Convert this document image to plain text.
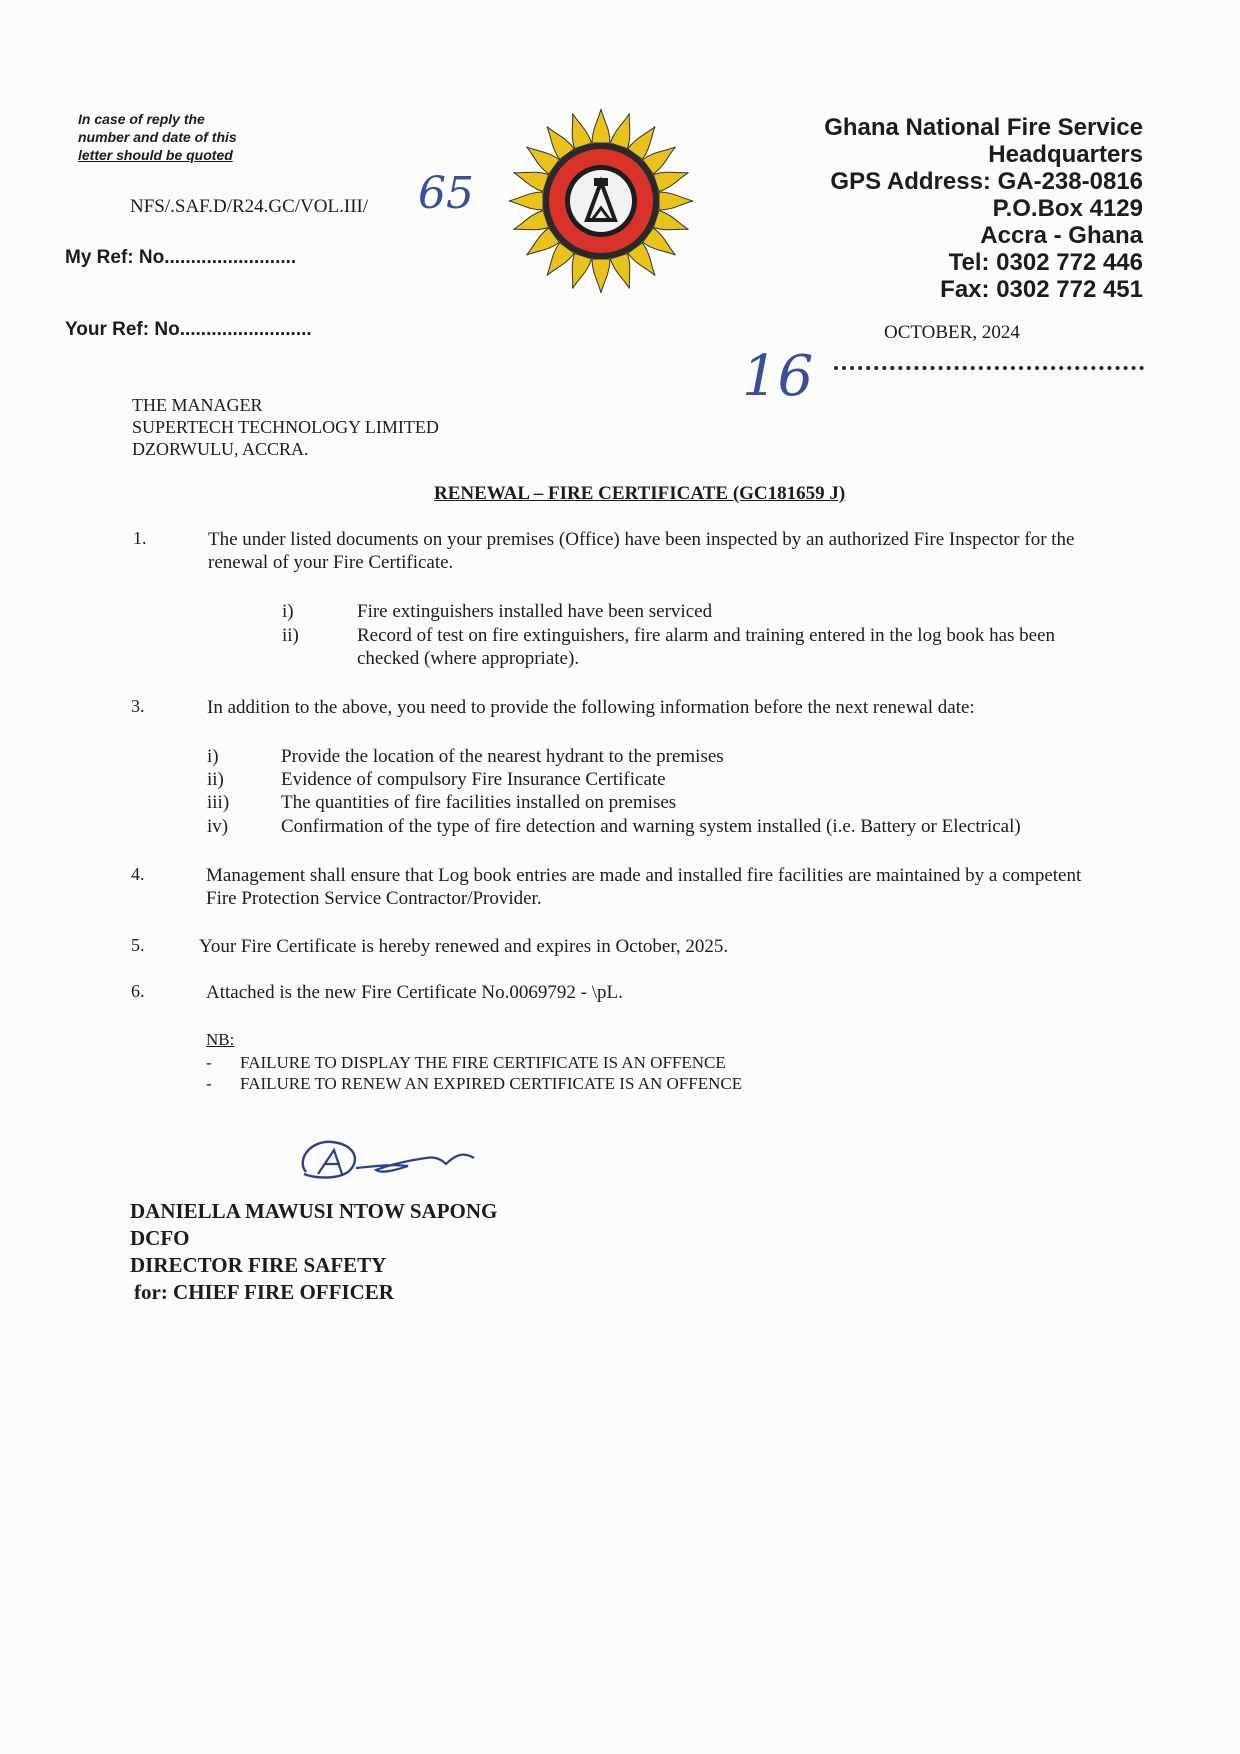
In case of reply the
number and date of this
letter should be quoted
NFS/.SAF.D/R24.GC/VOL.III/ 65
My Ref: No.........................
Your Ref: No.........................
Ghana National Fire Service
Headquarters
GPS Address: GA-238-0816
P.O.Box 4129
Accra - Ghana
Tel: 0302 772 446
Fax: 0302 772 451
OCTOBER, 2024
16
THE MANAGER
SUPERTECH TECHNOLOGY LIMITED
DZORWULU, ACCRA.
RENEWAL – FIRE CERTIFICATE (GC181659 J)
1.	The under listed documents on your premises (Office) have been inspected by an authorized Fire Inspector for the renewal of your Fire Certificate.
i)	Fire extinguishers installed have been serviced
ii)	Record of test on fire extinguishers, fire alarm and training entered in the log book has been checked (where appropriate).
3.	In addition to the above, you need to provide the following information before the next renewal date:
i)	Provide the location of the nearest hydrant to the premises
ii)	Evidence of compulsory Fire Insurance Certificate
iii)	The quantities of fire facilities installed on premises
iv)	Confirmation of the type of fire detection and warning system installed (i.e. Battery or Electrical)
4.	Management shall ensure that Log book entries are made and installed fire facilities are maintained by a competent Fire Protection Service Contractor/Provider.
5.	Your Fire Certificate is hereby renewed and expires in October, 2025.
6.	Attached is the new Fire Certificate No.0069792 - \pL.
NB:
- FAILURE TO DISPLAY THE FIRE CERTIFICATE IS AN OFFENCE
- FAILURE TO RENEW AN EXPIRED CERTIFICATE IS AN OFFENCE
DANIELLA MAWUSI NTOW SAPONG
DCFO
DIRECTOR FIRE SAFETY
for: CHIEF FIRE OFFICER
